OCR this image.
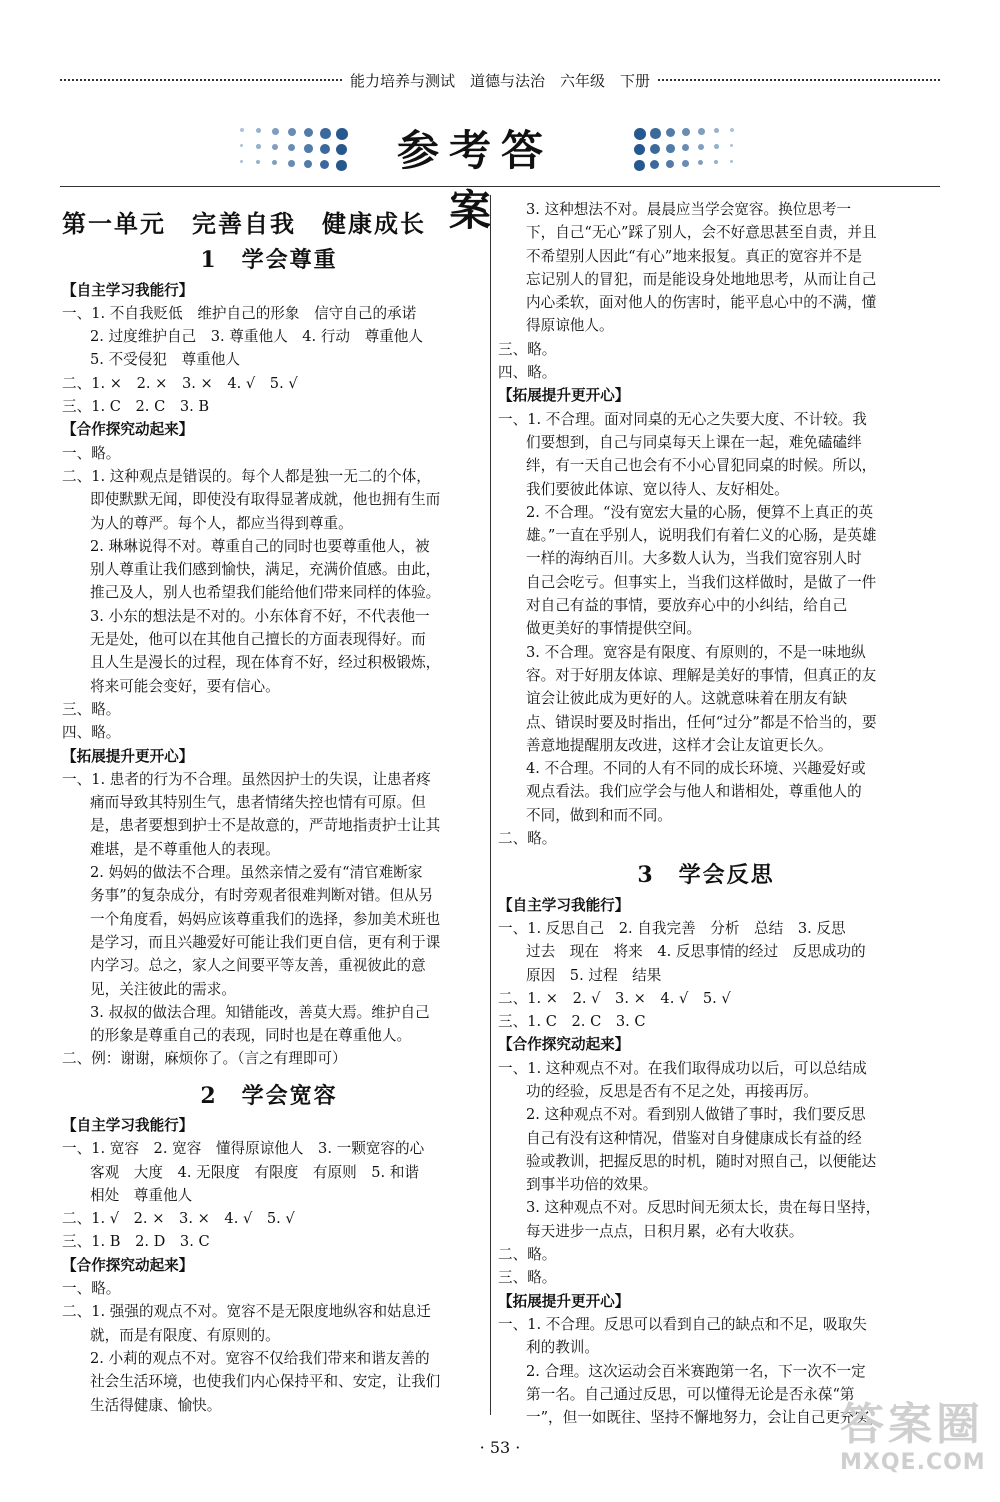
能力培养与测试　道德与法治　六年级　下册
参考答案

第一单元　完善自我　健康成长

1　学会尊重

【自主学习我能行】

一、1. 不自我贬低　维护自己的形象　信守自己的承诺

2. 过度维护自己　3. 尊重他人　4. 行动　尊重他人

5. 不受侵犯　尊重他人

二、1. ×　2. ×　3. ×　4. √　5. √

三、1. C　2. C　3. B

【合作探究动起来】

一、略。

二、1. 这种观点是错误的。每个人都是独一无二的个体，

即使默默无闻，即使没有取得显著成就，他也拥有生而

为人的尊严。每个人，都应当得到尊重。

2. 琳琳说得不对。尊重自己的同时也要尊重他人，被

别人尊重让我们感到愉快，满足，充满价值感。由此，

推己及人，别人也希望我们能给他们带来同样的体验。

3. 小东的想法是不对的。小东体育不好，不代表他一

无是处，他可以在其他自己擅长的方面表现得好。而

且人生是漫长的过程，现在体育不好，经过积极锻炼，

将来可能会变好，要有信心。

三、略。

四、略。

【拓展提升更开心】

一、1. 患者的行为不合理。虽然因护士的失误，让患者疼

痛而导致其特别生气，患者情绪失控也情有可原。但

是，患者要想到护士不是故意的，严苛地指责护士让其

难堪，是不尊重他人的表现。

2. 妈妈的做法不合理。虽然亲情之爱有“清官难断家

务事”的复杂成分，有时旁观者很难判断对错。但从另

一个角度看，妈妈应该尊重我们的选择，参加美术班也

是学习，而且兴趣爱好可能让我们更自信，更有利于课

内学习。总之，家人之间要平等友善，重视彼此的意

见，关注彼此的需求。

3. 叔叔的做法合理。知错能改，善莫大焉。维护自己

的形象是尊重自己的表现，同时也是在尊重他人。

二、例：谢谢，麻烦你了。（言之有理即可）

2　学会宽容

【自主学习我能行】

一、1. 宽容　2. 宽容　懂得原谅他人　3. 一颗宽容的心

客观　大度　4. 无限度　有限度　有原则　5. 和谐

相处　尊重他人

二、1. √　2. ×　3. ×　4. √　5. √

三、1. B　2. D　3. C

【合作探究动起来】

一、略。

二、1. 强强的观点不对。宽容不是无限度地纵容和姑息迁

就，而是有限度、有原则的。

2. 小莉的观点不对。宽容不仅给我们带来和谐友善的

社会生活环境，也使我们内心保持平和、安定，让我们

生活得健康、愉快。

3. 这种想法不对。晨晨应当学会宽容。换位思考一

下，自己“无心”踩了别人，会不好意思甚至自责，并且

不希望别人因此“有心”地来报复。真正的宽容并不是

忘记别人的冒犯，而是能设身处地地思考，从而让自己

内心柔软，面对他人的伤害时，能平息心中的不满，懂

得原谅他人。

三、略。

四、略。

【拓展提升更开心】

一、1. 不合理。面对同桌的无心之失要大度、不计较。我

们要想到，自己与同桌每天上课在一起，难免磕磕绊

绊，有一天自己也会有不小心冒犯同桌的时候。所以，

我们要彼此体谅、宽以待人、友好相处。

2. 不合理。“没有宽宏大量的心肠，便算不上真正的英

雄。”一直在乎别人，说明我们有着仁义的心肠，是英雄

一样的海纳百川。大多数人认为，当我们宽容别人时

自己会吃亏。但事实上，当我们这样做时，是做了一件

对自己有益的事情，要放弃心中的小纠结，给自己

做更美好的事情提供空间。

3. 不合理。宽容是有限度、有原则的，不是一味地纵

容。对于好朋友体谅、理解是美好的事情，但真正的友

谊会让彼此成为更好的人。这就意味着在朋友有缺

点、错误时要及时指出，任何“过分”都是不恰当的，要

善意地提醒朋友改进，这样才会让友谊更长久。

4. 不合理。不同的人有不同的成长环境、兴趣爱好或

观点看法。我们应学会与他人和谐相处，尊重他人的

不同，做到和而不同。

二、略。

3　学会反思

【自主学习我能行】

一、1. 反思自己　2. 自我完善　分析　总结　3. 反思

过去　现在　将来　4. 反思事情的经过　反思成功的

原因　5. 过程　结果

二、1. ×　2. √　3. ×　4. √　5. √

三、1. C　2. C　3. C

【合作探究动起来】

一、1. 这种观点不对。在我们取得成功以后，可以总结成

功的经验，反思是否有不足之处，再接再厉。

2. 这种观点不对。看到别人做错了事时，我们要反思

自己有没有这种情况，借鉴对自身健康成长有益的经

验或教训，把握反思的时机，随时对照自己，以便能达

到事半功倍的效果。

3. 这种观点不对。反思时间无须太长，贵在每日坚持，

每天进步一点点，日积月累，必有大收获。

二、略。

三、略。

【拓展提升更开心】

一、1. 不合理。反思可以看到自己的缺点和不足，吸取失

利的教训。

2. 合理。这次运动会百米赛跑第一名，下一次不一定

第一名。自己通过反思，可以懂得无论是否永葆“第

一”，但一如既往、坚持不懈地努力，会让自己更充实，

· 53 ·	答案圈
MXQE.COM
